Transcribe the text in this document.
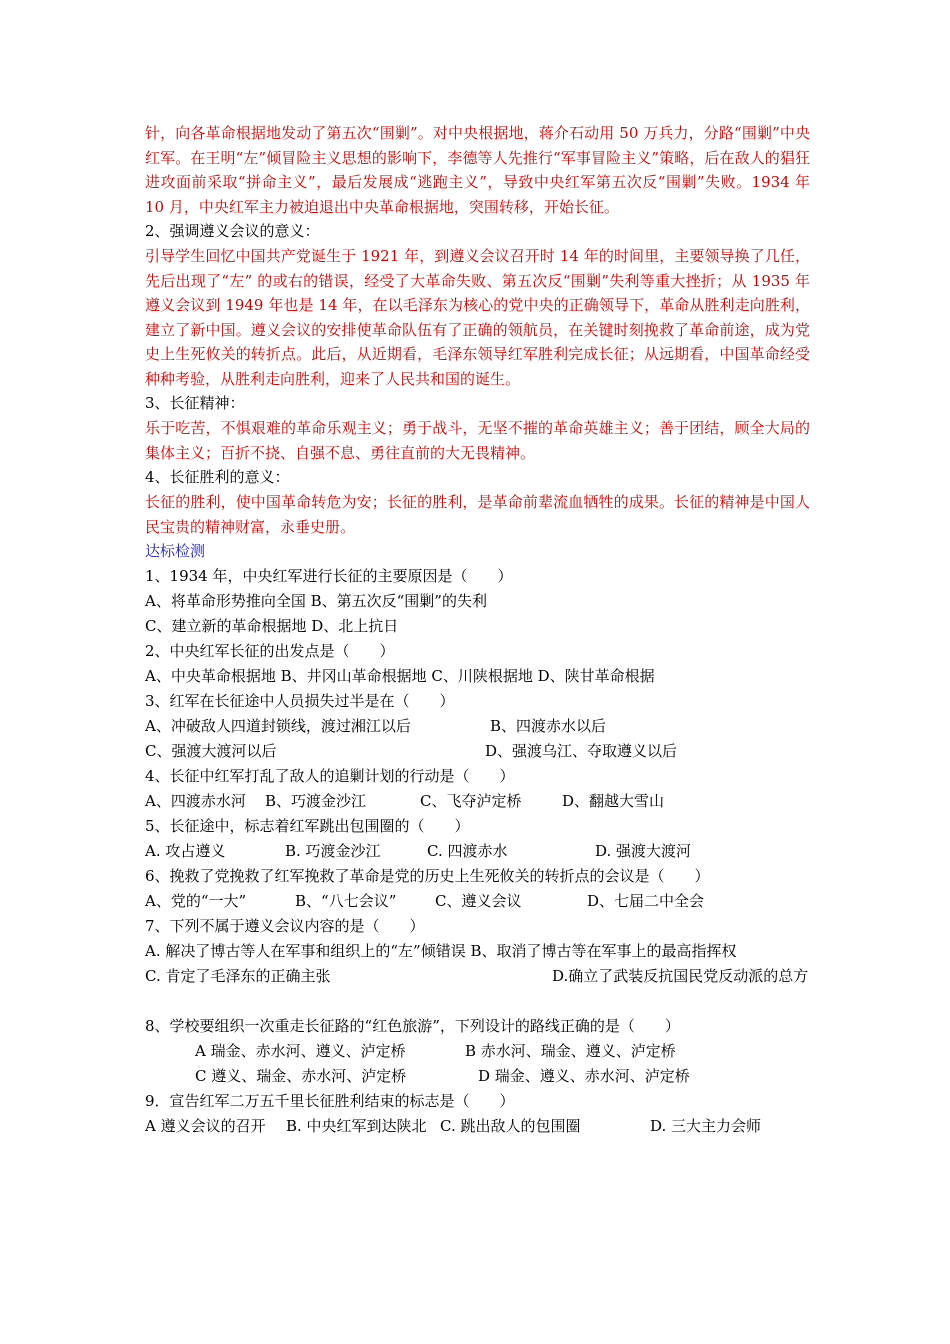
针，向各革命根据地发动了第五次“围剿”。对中央根据地，蒋介石动用 50 万兵力，分路“围剿”中央红军。在王明“左”倾冒险主义思想的影响下，李德等人先推行“军事冒险主义”策略，后在敌人的猖狂进攻面前采取“拼命主义”，最后发展成“逃跑主义”，导致中央红军第五次反“围剿”失败。1934 年 10 月，中央红军主力被迫退出中央革命根据地，突围转移，开始长征。

2、强调遵义会议的意义：

引导学生回忆中国共产党诞生于 1921 年，到遵义会议召开时 14 年的时间里，主要领导换了几任，先后出现了“左” 的或右的错误，经受了大革命失败、第五次反“围剿”失利等重大挫折；从 1935 年遵义会议到 1949 年也是 14 年，在以毛泽东为核心的党中央的正确领导下，革命从胜利走向胜利，建立了新中国。遵义会议的安排使革命队伍有了正确的领航员，在关键时刻挽救了革命前途，成为党史上生死攸关的转折点。此后，从近期看，毛泽东领导红军胜利完成长征；从远期看，中国革命经受种种考验，从胜利走向胜利，迎来了人民共和国的诞生。

3、长征精神：

乐于吃苦，不惧艰难的革命乐观主义；勇于战斗，无坚不摧的革命英雄主义；善于团结，顾全大局的集体主义；百折不挠、自强不息、勇往直前的大无畏精神。

4、长征胜利的意义：

长征的胜利，使中国革命转危为安；长征的胜利，是革命前辈流血牺牲的成果。长征的精神是中国人民宝贵的精神财富，永垂史册。

达标检测

1、1934 年，中央红军进行长征的主要原因是（　　）

A、将革命形势推向全国 B、第五次反“围剿”的失利

C、建立新的革命根据地 D、北上抗日

2、中央红军长征的出发点是（　　）

A、中央革命根据地 B、井冈山革命根据地 C、川陕根据地 D、陕甘革命根据

3、红军在长征途中人员损失过半是在（　　）

A、冲破敌人四道封锁线，渡过湘江以后	B、四渡赤水以后
C、强渡大渡河以后	D、强渡乌江、夺取遵义以后

4、长征中红军打乱了敌人的追剿计划的行动是（　　）

A、四渡赤水河	B、巧渡金沙江	C、飞夺泸定桥	D、翻越大雪山

5、长征途中，标志着红军跳出包围圈的（　　）

A. 攻占遵义	B. 巧渡金沙江	C. 四渡赤水	D. 强渡大渡河

6、挽救了党挽救了红军挽救了革命是党的历史上生死攸关的转折点的会议是（　　）

A、党的“一大”	B、“八七会议”	C、遵义会议	D、七届二中全会

7、下列不属于遵义会议内容的是（　　）

A. 解决了博古等人在军事和组织上的“左”倾错误 B、取消了博古等在军事上的最高指挥权

C. 肯定了毛泽东的正确主张	D.确立了武装反抗国民党反动派的总方

8、学校要组织一次重走长征路的“红色旅游”，下列设计的路线正确的是（　　）

A 瑞金、赤水河、遵义、泸定桥	B 赤水河、瑞金、遵义、泸定桥
C 遵义、瑞金、赤水河、泸定桥	D 瑞金、遵义、赤水河、泸定桥

9．宣告红军二万五千里长征胜利结束的标志是（　　）

A 遵义会议的召开	B. 中央红军到达陕北 C. 跳出敌人的包围圈	D. 三大主力会师
